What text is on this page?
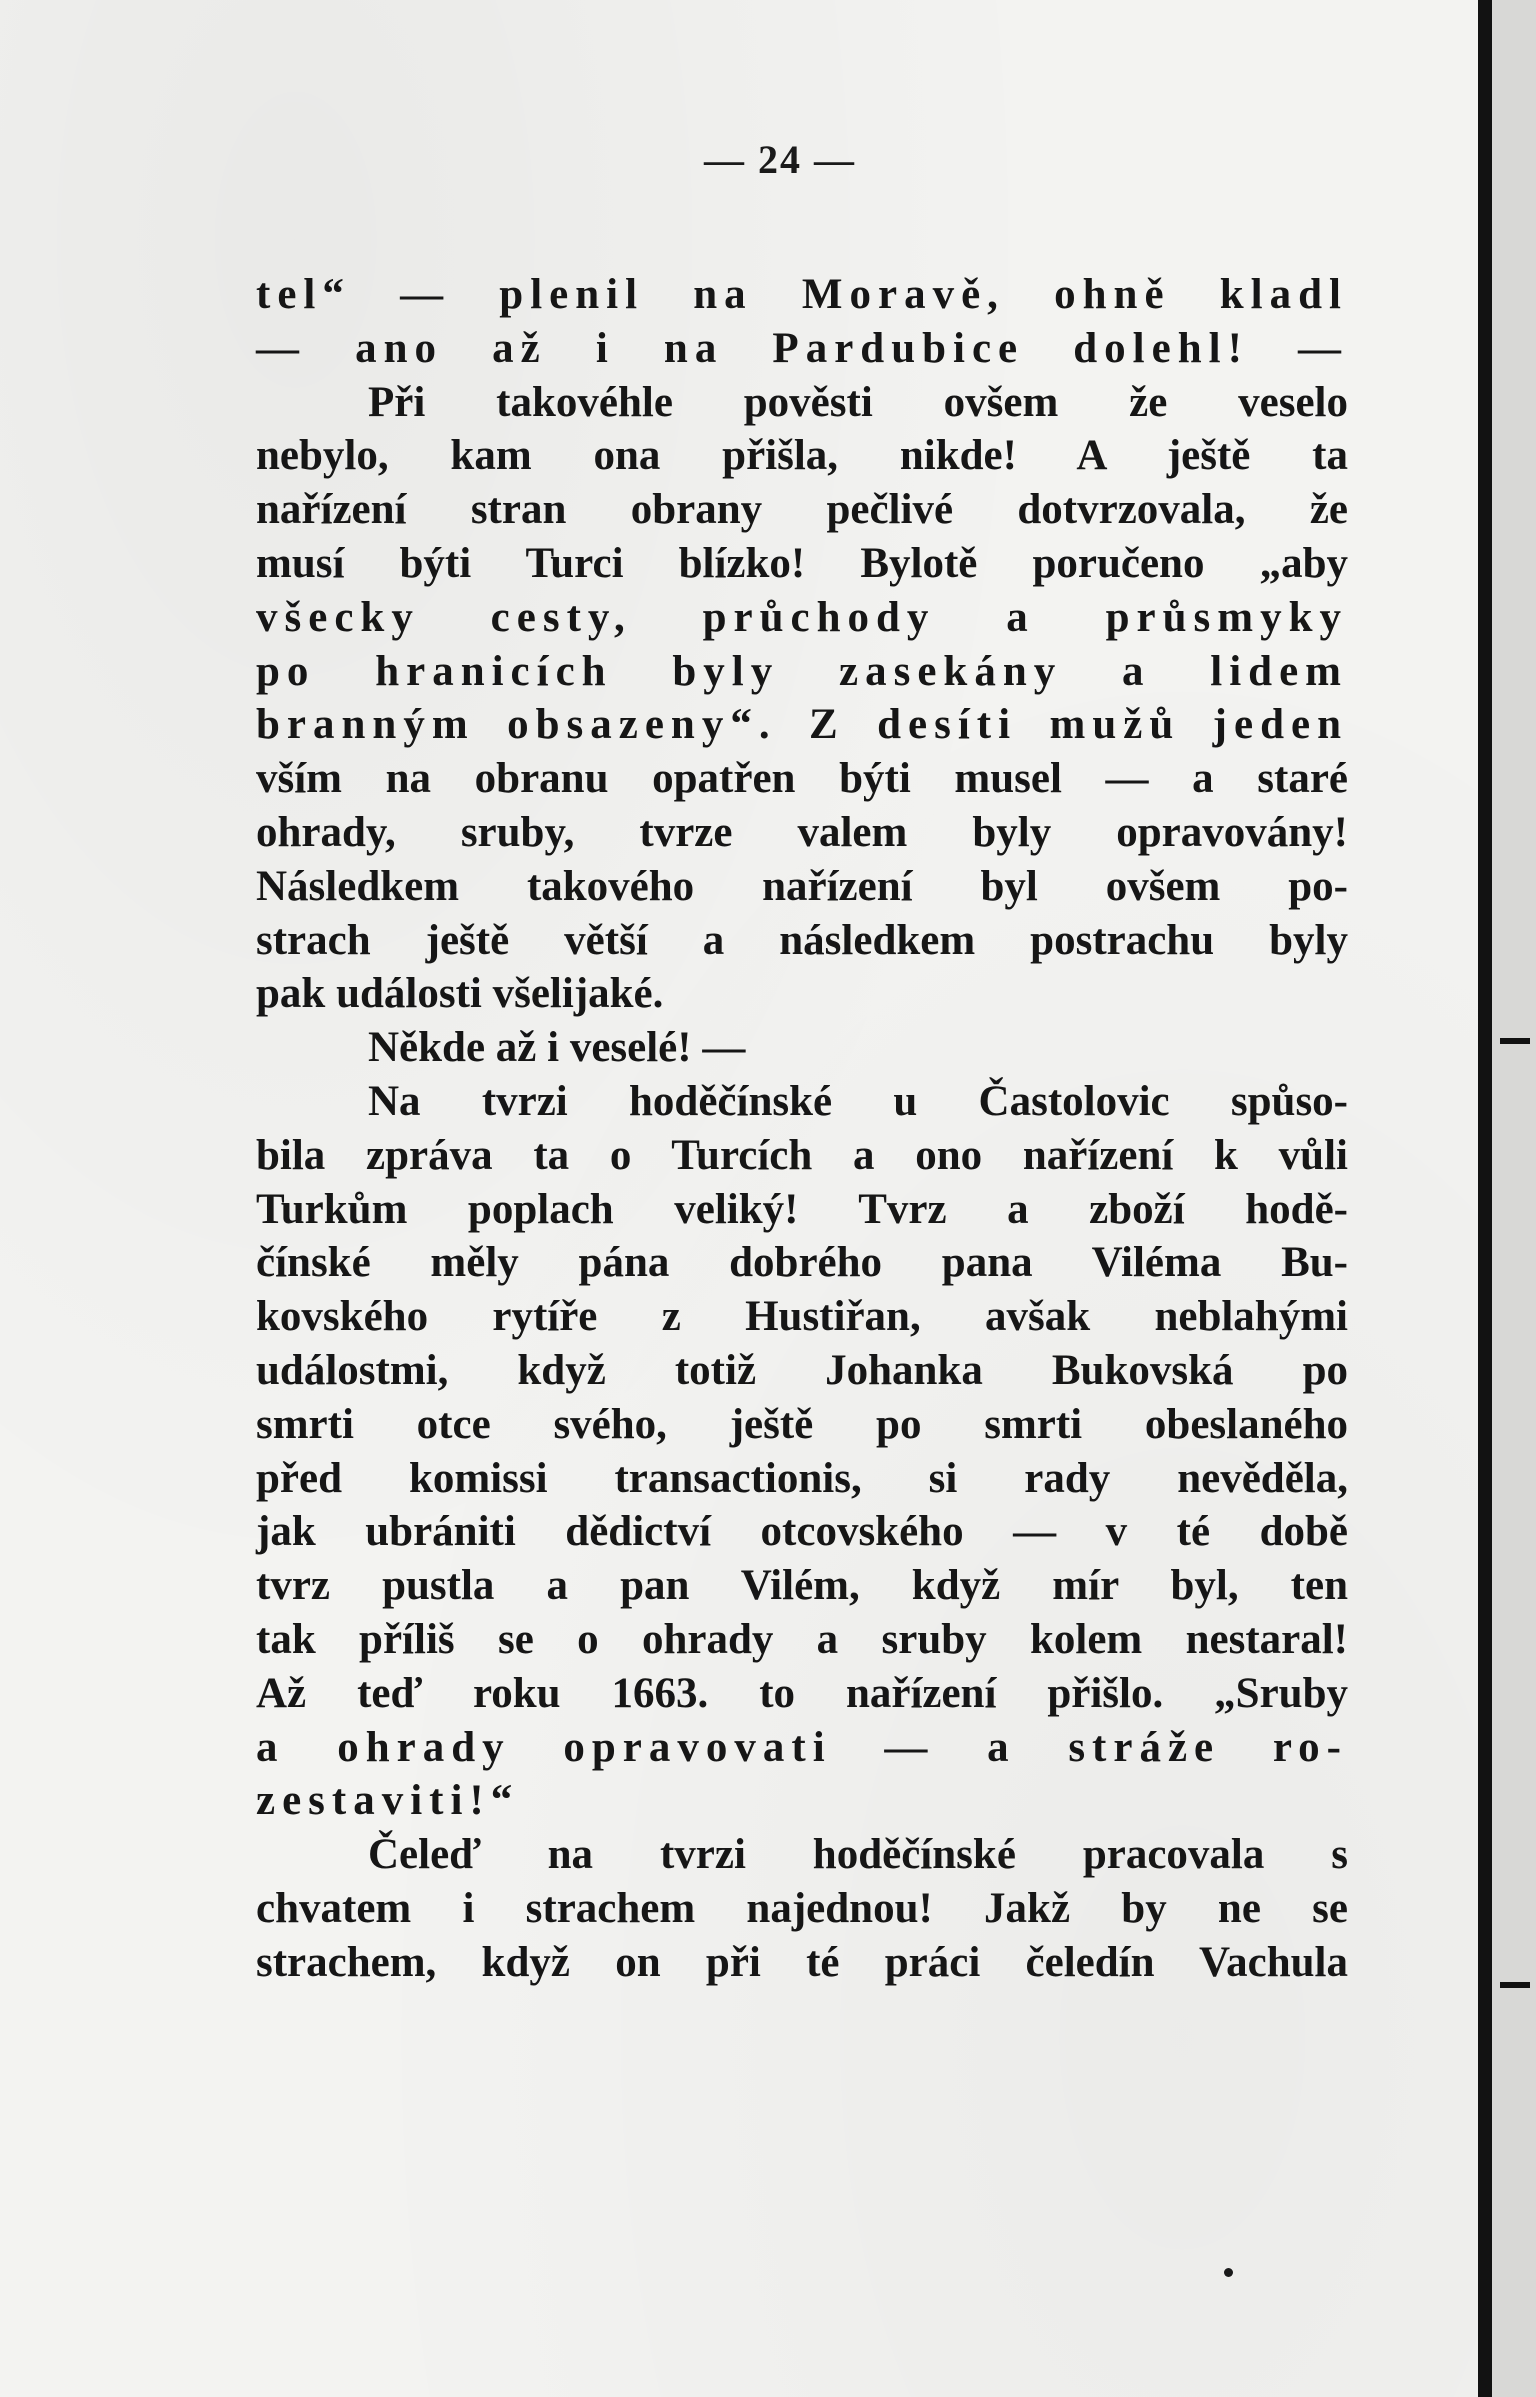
— 24 —
tel“ — plenil na Moravě, ohně kladl
— ano až i na Pardubice dolehl! —
Při takovéhle pověsti ovšem že veselo
nebylo, kam ona přišla, nikde! A ještě ta
nařízení stran obrany pečlivé dotvrzovala, že
musí býti Turci blízko! Bylotě poručeno „aby
všecky cesty, průchody a průsmyky
po hranicích byly zasekány a lidem
branným obsazeny“. Z desíti mužů jeden
vším na obranu opatřen býti musel — a staré
ohrady, sruby, tvrze valem byly opravovány!
Následkem takového nařízení byl ovšem po-
strach ještě větší a následkem postrachu byly
pak události všelijaké.
Někde až i veselé! —
Na tvrzi hoděčínské u Častolovic spůso-
bila zpráva ta o Turcích a ono nařízení k vůli
Turkům poplach veliký! Tvrz a zboží hodě-
čínské měly pána dobrého pana Viléma Bu-
kovského rytíře z Hustiřan, avšak neblahými
událostmi, když totiž Johanka Bukovská po
smrti otce svého, ještě po smrti obeslaného
před komissi transactionis, si rady nevěděla,
jak ubrániti dědictví otcovského — v té době
tvrz pustla a pan Vilém, když mír byl, ten
tak příliš se o ohrady a sruby kolem nestaral!
Až teď roku 1663. to nařízení přišlo. „Sruby
a ohrady opravovati — a stráže ro-
zestaviti!“
Čeleď na tvrzi hoděčínské pracovala s
chvatem i strachem najednou! Jakž by ne se
strachem, když on při té práci čeledín Vachula
